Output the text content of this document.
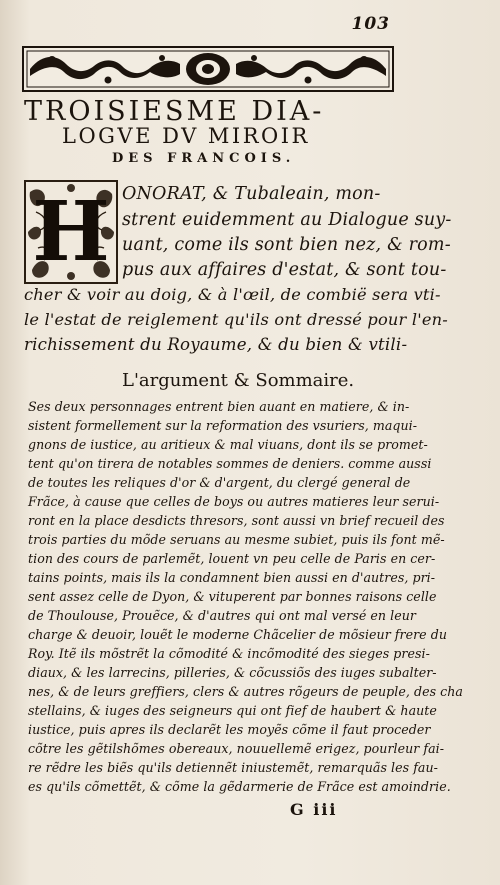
103
TROISIESME DIA-
LOGVE DV MIROIR
DES FRANCOIS.
H ONORAT, & Tubaleain, mon-
strent euidemment au Dialogue suy-
uant, come ils sont bien nez, & rom-
pus aux affaires d'estat, & sont tou-
cher & voir au doig, & à l'œil, de combië sera vti-
le l'estat de reiglement qu'ils ont dressé pour l'en-
richissement du Royaume, & du bien & vtili-
L'argument & Sommaire.
Ses deux personnages entrent bien auant en matiere, & in-
sistent formellement sur la reformation des vsuriers, maqui-
gnons de iustice, au aritieux & mal viuans, dont ils se promet-
tent qu'on tirera de notables sommes de deniers. comme aussi
de toutes les reliques d'or & d'argent, du clergé general de
Frãce, à cause que celles de boys ou autres matieres leur serui-
ront en la place desdicts thresors, sont aussi vn brief recueil des
trois parties du mõde seruans au mesme subiet, puis ils font mẽ-
tion des cours de parlemẽt, louent vn peu celle de Paris en cer-
tains points, mais ils la condamnent bien aussi en d'autres, pri-
sent assez celle de Dyon, & vituperent par bonnes raisons celle
de Thoulouse, Prouẽce, & d'autres qui ont mal versé en leur
charge & deuoir, louẽt le moderne Chãcelier de mõsieur frere du
Roy. Itẽ ils mõstrẽt la cõmodité & incõmodité des sieges presi-
diaux, & les larrecins, pilleries, & cõcussiõs des iuges subalter-
nes, & de leurs greffiers, clers & autres rõgeurs de peuple, des cha
stellains, & iuges des seigneurs qui ont fief de haubert & haute
iustice, puis apres ils declarẽt les moyẽs cõme il faut proceder
cõtre les gẽtilshõmes obereaux, nouuellemẽ erigez, pourleur fai-
re rẽdre les biẽs qu'ils detiennẽt iniustemẽt, remarquãs les fau-
es qu'ils cõmettẽt, & cõme la gẽdarmerie de Frãce est amoindrie.
G iii
